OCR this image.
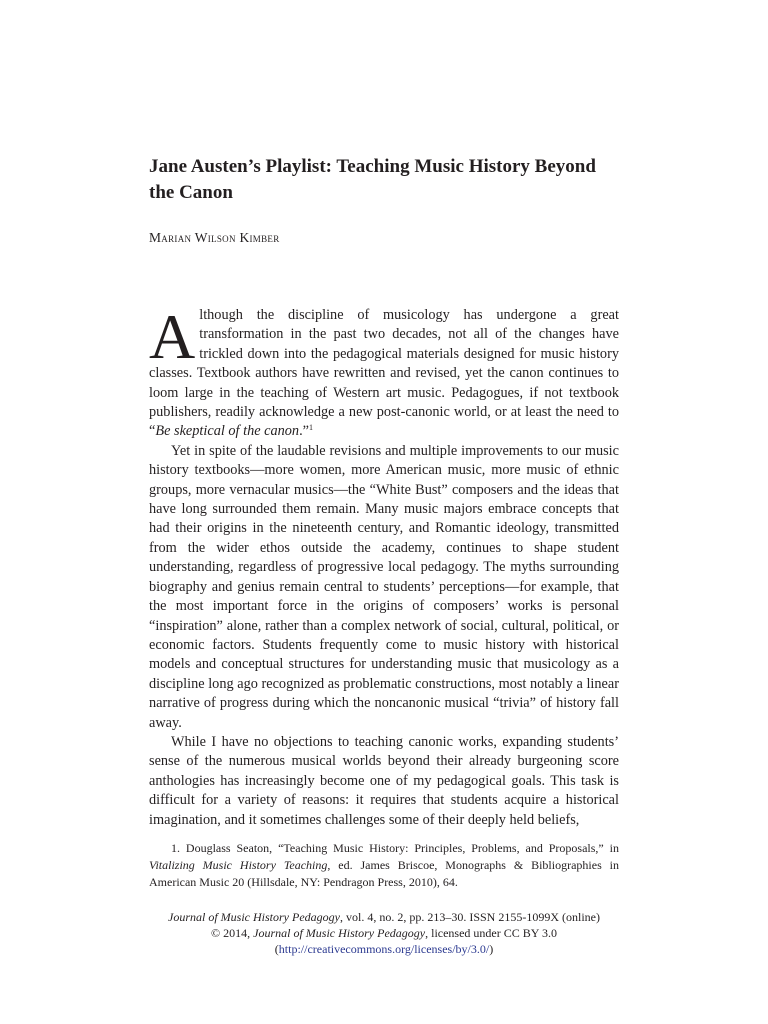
Jane Austen’s Playlist: Teaching Music History Beyond the Canon

Marian Wilson Kimber

Although the discipline of musicology has undergone a great transformation in the past two decades, not all of the changes have trickled down into the pedagogical materials designed for music history classes. Textbook authors have rewritten and revised, yet the canon continues to loom large in the teaching of Western art music. Pedagogues, if not textbook publishers, readily acknowledge a new post-canonic world, or at least the need to “Be skeptical of the canon.”$^1$

Yet in spite of the laudable revisions and multiple improvements to our music history textbooks—more women, more American music, more music of ethnic groups, more vernacular musics—the “White Bust” composers and the ideas that have long surrounded them remain. Many music majors embrace concepts that had their origins in the nineteenth century, and Romantic ideology, transmitted from the wider ethos outside the academy, continues to shape student understanding, regardless of progressive local pedagogy. The myths surrounding biography and genius remain central to students’ perceptions—for example, that the most important force in the origins of composers’ works is personal “inspiration” alone, rather than a complex network of social, cultural, political, or economic factors. Students frequently come to music history with historical models and conceptual structures for understanding music that musicology as a discipline long ago recognized as problematic constructions, most notably a linear narrative of progress during which the noncanonic musical “trivia” of history fall away.

While I have no objections to teaching canonic works, expanding students’ sense of the numerous musical worlds beyond their already burgeoning score anthologies has increasingly become one of my pedagogical goals. This task is difficult for a variety of reasons: it requires that students acquire a historical imagination, and it sometimes challenges some of their deeply held beliefs,

1. Douglass Seaton, “Teaching Music History: Principles, Problems, and Proposals,” in Vitalizing Music History Teaching, ed. James Briscoe, Monographs & Bibliographies in American Music 20 (Hillsdale, NY: Pendragon Press, 2010), 64.

Journal of Music History Pedagogy, vol. 4, no. 2, pp. 213–30. ISSN 2155-1099X (online)
© 2014, Journal of Music History Pedagogy, licensed under CC BY 3.0
(http://creativecommons.org/licenses/by/3.0/)
